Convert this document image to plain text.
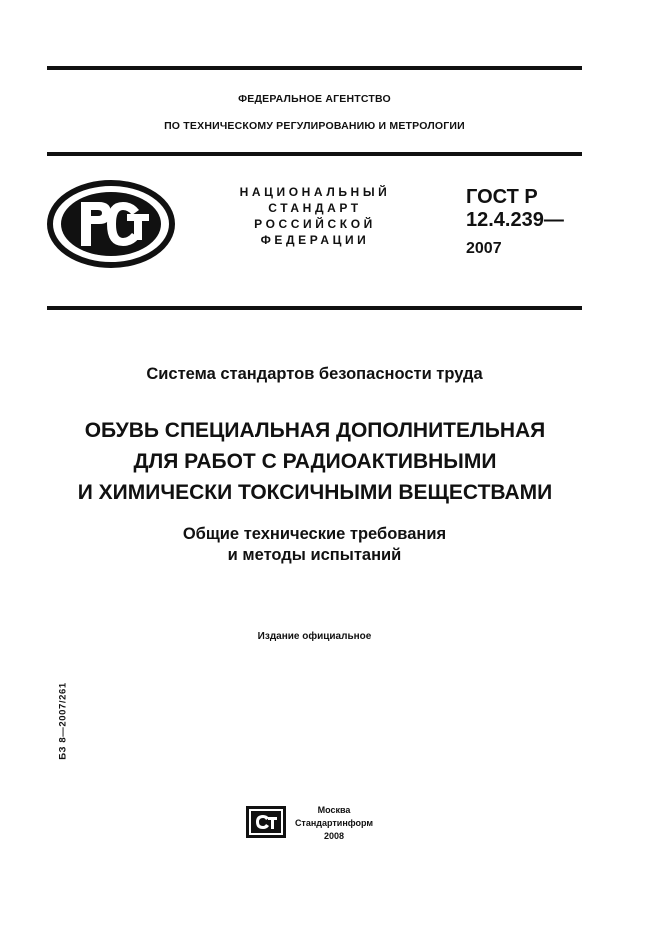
ФЕДЕРАЛЬНОЕ АГЕНТСТВО
ПО ТЕХНИЧЕСКОМУ РЕГУЛИРОВАНИЮ И МЕТРОЛОГИИ
НАЦИОНАЛЬНЫЙ
СТАНДАРТ
РОССИЙСКОЙ
ФЕДЕРАЦИИ
ГОСТ Р
12.4.239—
2007
Система стандартов безопасности труда
ОБУВЬ СПЕЦИАЛЬНАЯ ДОПОЛНИТЕЛЬНАЯ
ДЛЯ РАБОТ С РАДИОАКТИВНЫМИ
И ХИМИЧЕСКИ ТОКСИЧНЫМИ ВЕЩЕСТВАМИ
Общие технические требования
и методы испытаний
Издание официальное
БЗ 8—2007/261
Москва
Стандартинформ
2008
